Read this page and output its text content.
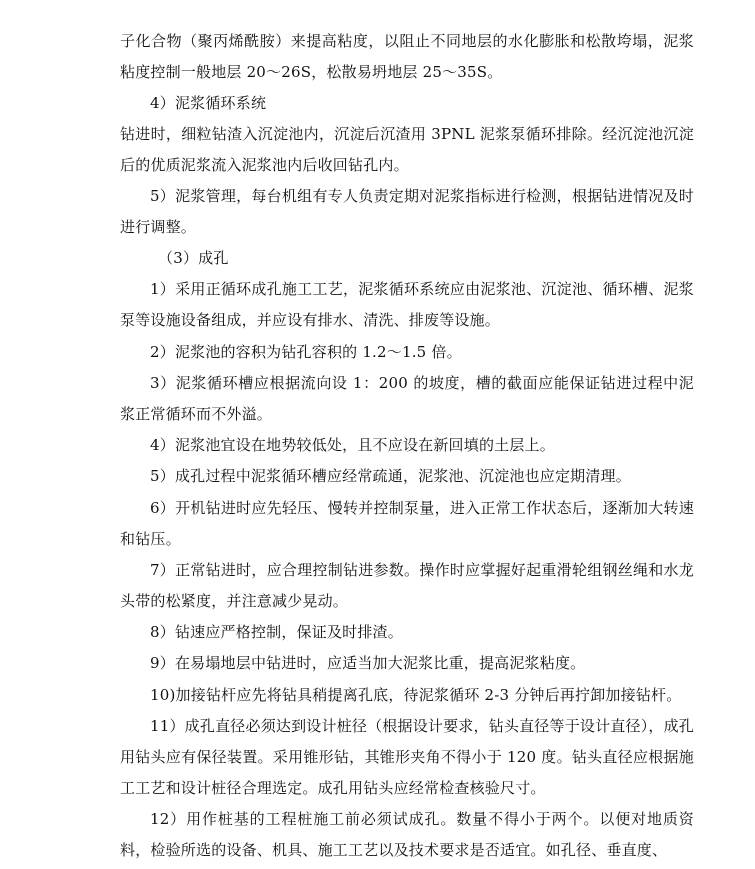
子化合物（聚丙烯酰胺）来提高粘度，以阻止不同地层的水化膨胀和松散垮塌，泥浆粘度控制一般地层 20～26S，松散易坍地层 25～35S。

4）泥浆循环系统

钻进时，细粒钻渣入沉淀池内，沉淀后沉渣用 3PNL 泥浆泵循环排除。经沉淀池沉淀后的优质泥浆流入泥浆池内后收回钻孔内。

5）泥浆管理，每台机组有专人负责定期对泥浆指标进行检测，根据钻进情况及时进行调整。

（3）成孔

1）采用正循环成孔施工工艺，泥浆循环系统应由泥浆池、沉淀池、循环槽、泥浆泵等设施设备组成，并应设有排水、清洗、排废等设施。

2）泥浆池的容积为钻孔容积的 1.2～1.5 倍。

3）泥浆循环槽应根据流向设 1：200 的坡度，槽的截面应能保证钻进过程中泥浆正常循环而不外溢。

4）泥浆池宜设在地势较低处，且不应设在新回填的土层上。

5）成孔过程中泥浆循环槽应经常疏通，泥浆池、沉淀池也应定期清理。

6）开机钻进时应先轻压、慢转并控制泵量，进入正常工作状态后，逐渐加大转速和钻压。

7）正常钻进时，应合理控制钻进参数。操作时应掌握好起重滑轮组钢丝绳和水龙头带的松紧度，并注意减少晃动。

8）钻速应严格控制，保证及时排渣。

9）在易塌地层中钻进时，应适当加大泥浆比重，提高泥浆粘度。

10)加接钻杆应先将钻具稍提离孔底，待泥浆循环 2-3 分钟后再拧卸加接钻杆。

11）成孔直径必须达到设计桩径（根据设计要求，钻头直径等于设计直径），成孔用钻头应有保径装置。采用锥形钻，其锥形夹角不得小于 120 度。钻头直径应根据施工工艺和设计桩径合理选定。成孔用钻头应经常检查核验尺寸。

12）用作桩基的工程桩施工前必须试成孔。数量不得小于两个。以便对地质资料，检验所选的设备、机具、施工工艺以及技术要求是否适宜。如孔径、垂直度、
